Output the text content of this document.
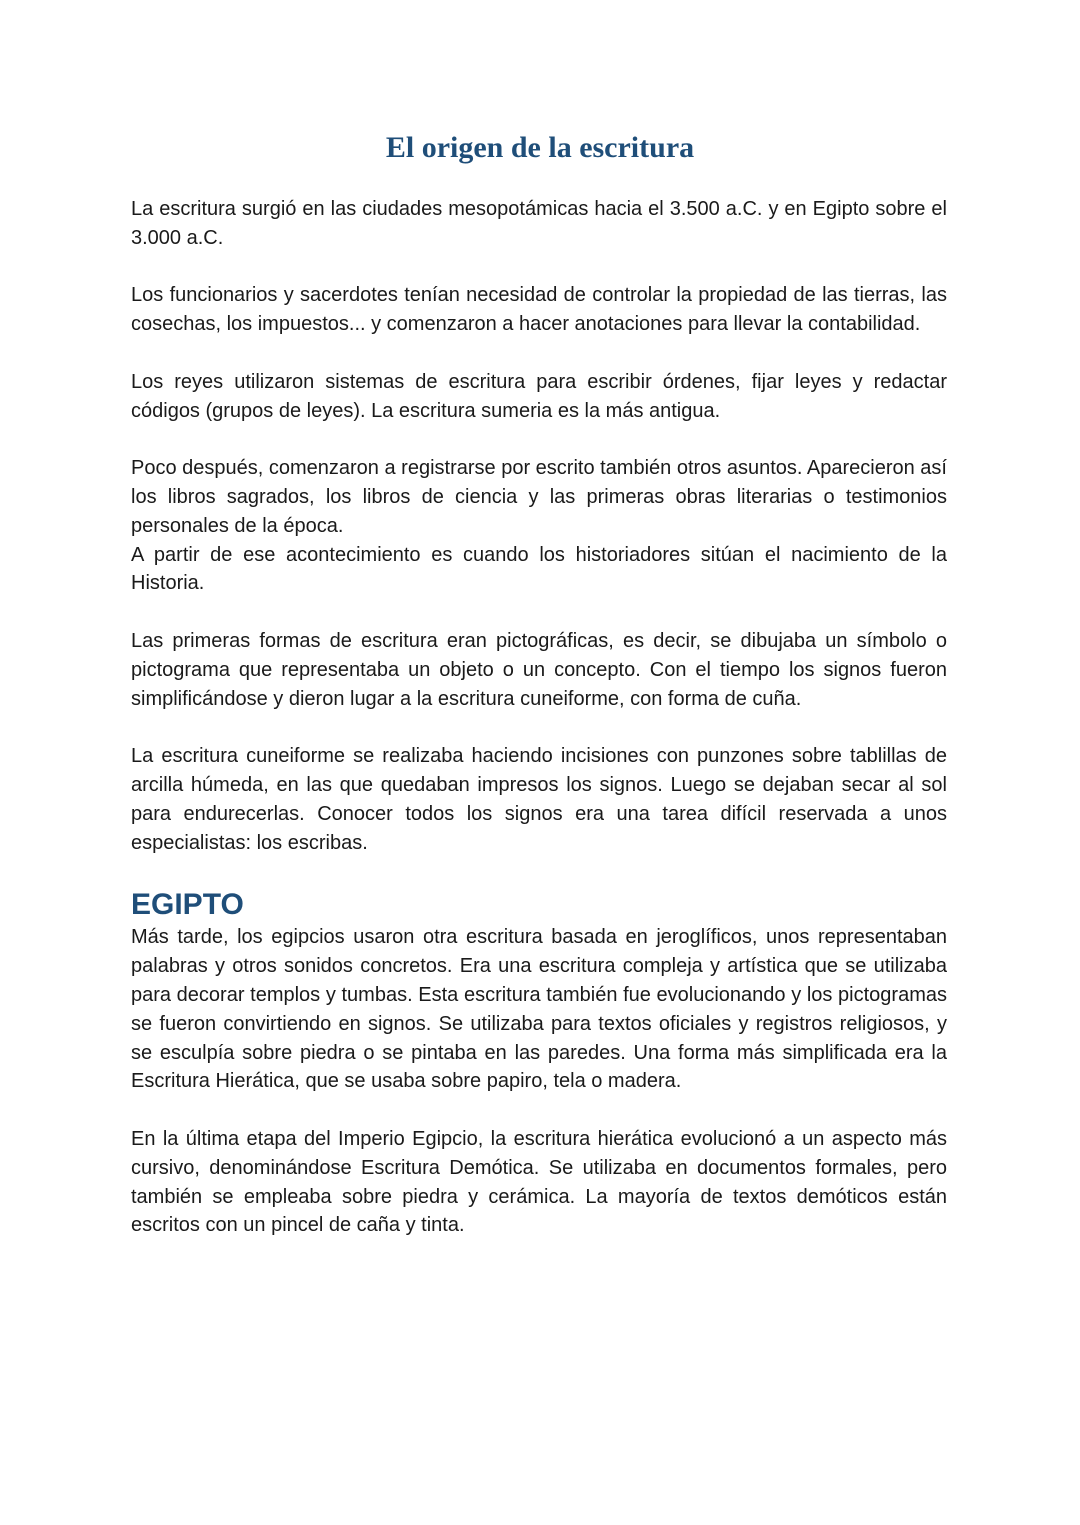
El origen de la escritura

La escritura surgió en las ciudades mesopotámicas hacia el 3.500 a.C. y en Egipto sobre el 3.000 a.C.

Los funcionarios y sacerdotes tenían necesidad de controlar la propiedad de las tierras, las cosechas, los impuestos... y comenzaron a hacer anotaciones para llevar la contabilidad.

Los reyes utilizaron sistemas de escritura para escribir órdenes, fijar leyes y redactar códigos (grupos de leyes). La escritura sumeria es la más antigua.

Poco después, comenzaron a registrarse por escrito también otros asuntos. Aparecieron así los libros sagrados, los libros de ciencia y las primeras obras literarias o testimonios personales de la época.

A partir de ese acontecimiento es cuando los historiadores sitúan el nacimiento de la Historia.

Las primeras formas de escritura eran pictográficas, es decir, se dibujaba un símbolo o pictograma que representaba un objeto o un concepto. Con el tiempo los signos fueron simplificándose y dieron lugar a la escritura cuneiforme, con forma de cuña.

La escritura cuneiforme se realizaba haciendo incisiones con punzones sobre tablillas de arcilla húmeda, en las que quedaban impresos los signos. Luego se dejaban secar al sol para endurecerlas. Conocer todos los signos era una tarea difícil reservada a unos especialistas: los escribas.

EGIPTO

Más tarde, los egipcios usaron otra escritura basada en jeroglíficos, unos representaban palabras y otros sonidos concretos. Era una escritura compleja y artística que se utilizaba para decorar templos y tumbas. Esta escritura también fue evolucionando y los pictogramas se fueron convirtiendo en signos. Se utilizaba para textos oficiales y registros religiosos, y se esculpía sobre piedra o se pintaba en las paredes. Una forma más simplificada era la Escritura Hierática, que se usaba sobre papiro, tela o madera.

En la última etapa del Imperio Egipcio, la escritura hierática evolucionó a un aspecto más cursivo, denominándose Escritura Demótica. Se utilizaba en documentos formales, pero también se empleaba sobre piedra y cerámica. La mayoría de textos demóticos están escritos con un pincel de caña y tinta.
